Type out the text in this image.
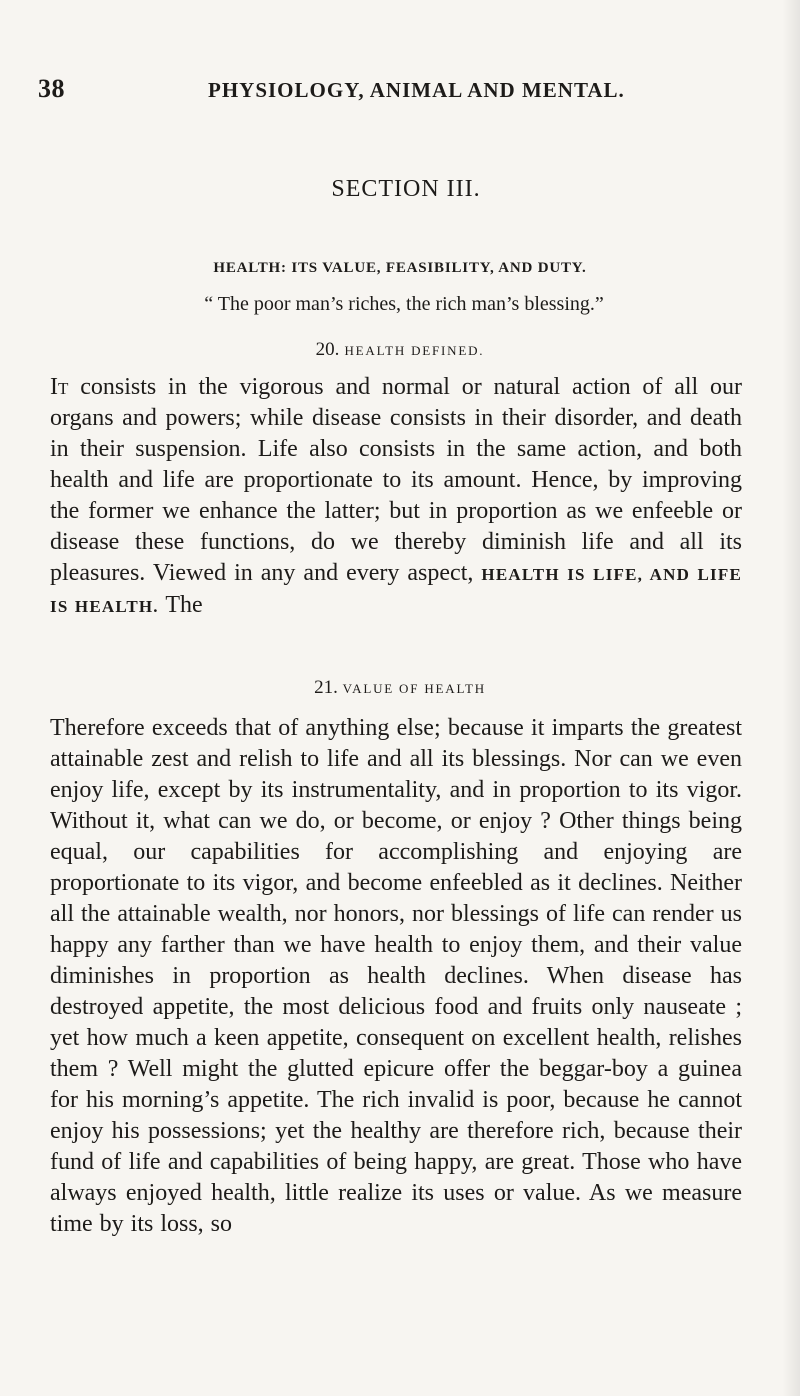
38	PHYSIOLOGY, ANIMAL AND MENTAL.
SECTION III.
HEALTH: ITS VALUE, FEASIBILITY, AND DUTY.
“ The poor man’s riches, the rich man’s blessing.”
20. HEALTH DEFINED.

It consists in the vigorous and normal or natural action of all our organs and powers; while disease consists in their disorder, and death in their suspension. Life also consists in the same action, and both health and life are proportionate to its amount. Hence, by improving the former we enhance the latter; but in proportion as we enfeeble or disease these functions, do we thereby diminish life and all its pleasures. Viewed in any and every aspect, HEALTH IS LIFE, AND LIFE IS HEALTH. The

21. VALUE OF HEALTH

Therefore exceeds that of anything else; because it imparts the greatest attainable zest and relish to life and all its blessings. Nor can we even enjoy life, except by its instrumentality, and in proportion to its vigor. Without it, what can we do, or become, or enjoy ? Other things being equal, our capabilities for accomplishing and enjoying are proportionate to its vigor, and become enfeebled as it declines. Neither all the attainable wealth, nor honors, nor blessings of life can render us happy any farther than we have health to enjoy them, and their value diminishes in proportion as health declines. When disease has destroyed appetite, the most delicious food and fruits only nauseate ; yet how much a keen appetite, consequent on excellent health, relishes them ? Well might the glutted epicure offer the beggar-boy a guinea for his morning’s appetite. The rich invalid is poor, because he cannot enjoy his possessions; yet the healthy are therefore rich, because their fund of life and capabilities of being happy, are great. Those who have always enjoyed health, little realize its uses or value. As we measure time by its loss, so
